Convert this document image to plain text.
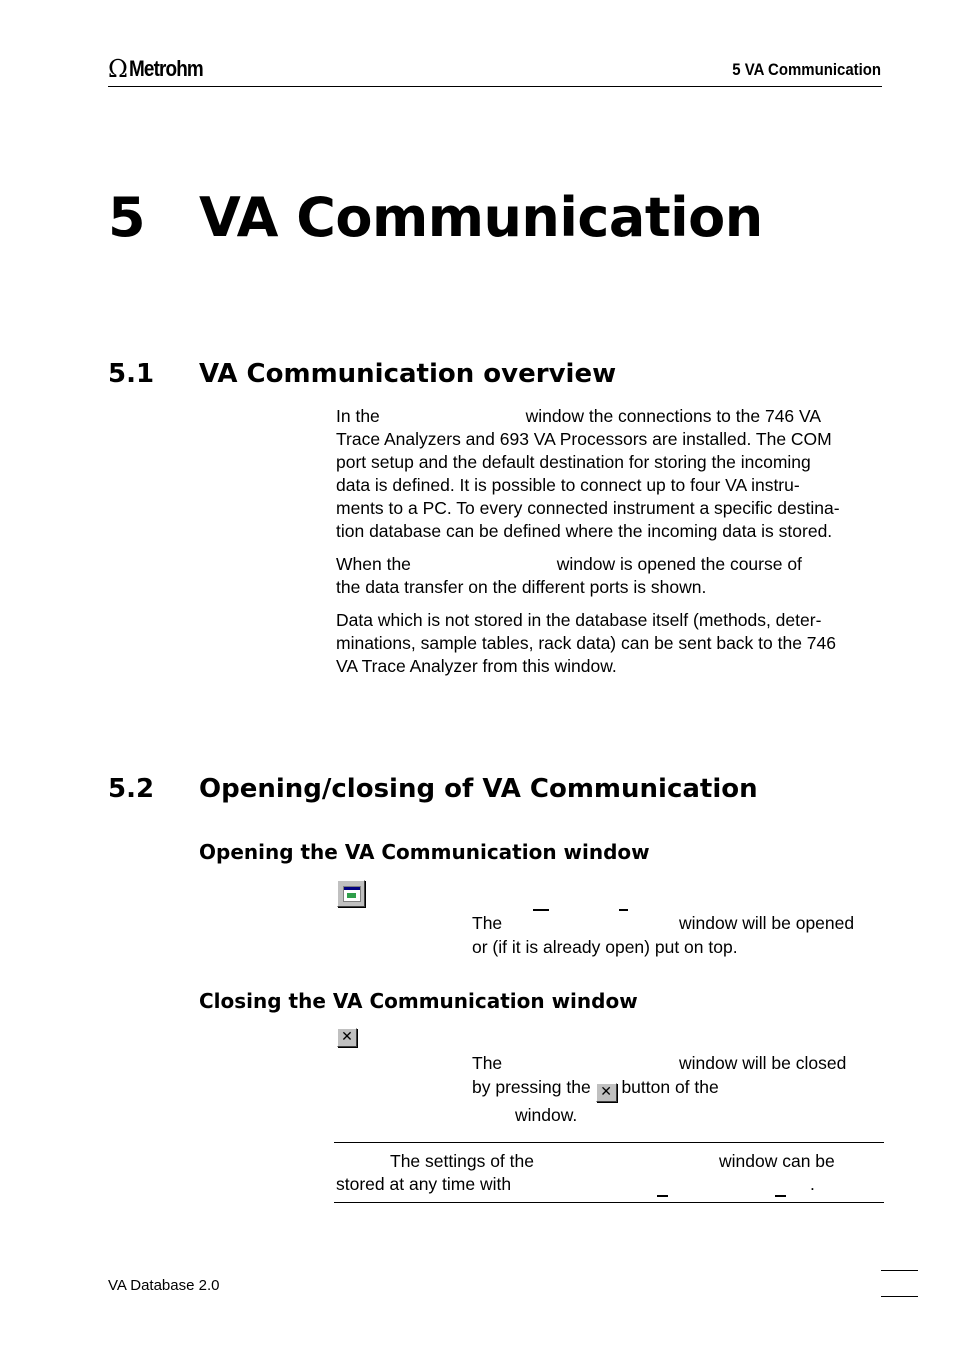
Ω Metrohm	5 VA Communication
5 VA Communication
5.1 VA Communication overview
In the                              window the connections to the 746 VA
Trace Analyzers and 693 VA Processors are installed. The COM
port setup and the default destination for storing the incoming
data is defined. It is possible to connect up to four VA instru-
ments to a PC. To every connected instrument a specific destina-
tion database can be defined where the incoming data is stored.
When the                              window is opened the course of
the data transfer on the different ports is shown.
Data which is not stored in the database itself (methods, deter-
minations, sample tables, rack data) can be sent back to the 746
VA Trace Analyzer from this window.
5.2 Opening/closing of VA Communication
Opening the VA Communication window
The	window will be opened
or (if it is already open) put on top.
Closing the VA Communication window
✕
The	window will be closed
by pressing the ✕ button of the
window.
The settings of the	window can be
stored at any time with	.
VA Database 2.0
